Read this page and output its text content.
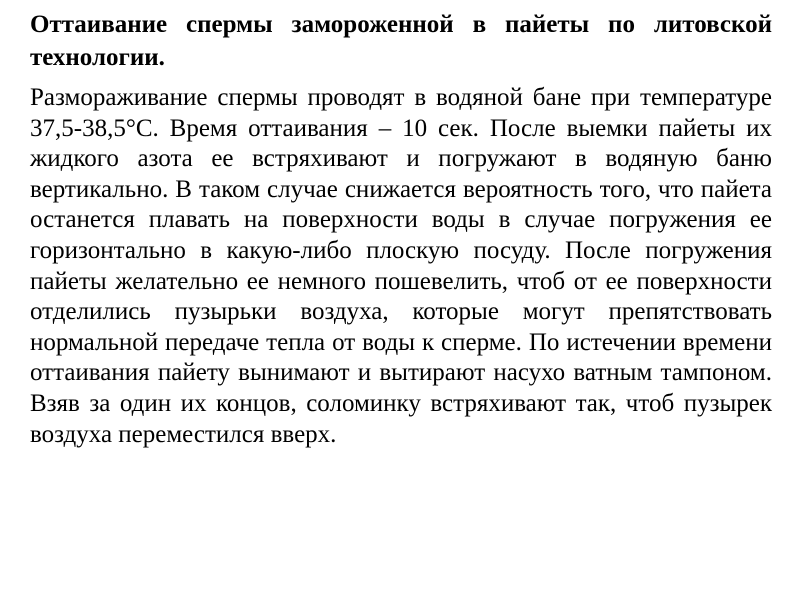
Оттаивание спермы замороженной в пайеты по литовской технологии.

Размораживание спермы проводят в водяной бане при температуре 37,5-38,5°С. Время оттаивания – 10 сек. После выемки пайеты их жидкого азота ее встряхивают и погружают в водяную баню вертикально. В таком случае снижается вероятность того, что пайета останется плавать на поверхности воды в случае погружения ее горизонтально в какую-либо плоскую посуду. После погружения пайеты желательно ее немного пошевелить, чтоб от ее поверхности отделились пузырьки воздуха, которые могут препятствовать нормальной передаче тепла от воды к сперме. По истечении времени оттаивания пайету вынимают и вытирают насухо ватным тампоном. Взяв за один их концов, соломинку встряхивают так, чтоб пузырек воздуха переместился вверх.
